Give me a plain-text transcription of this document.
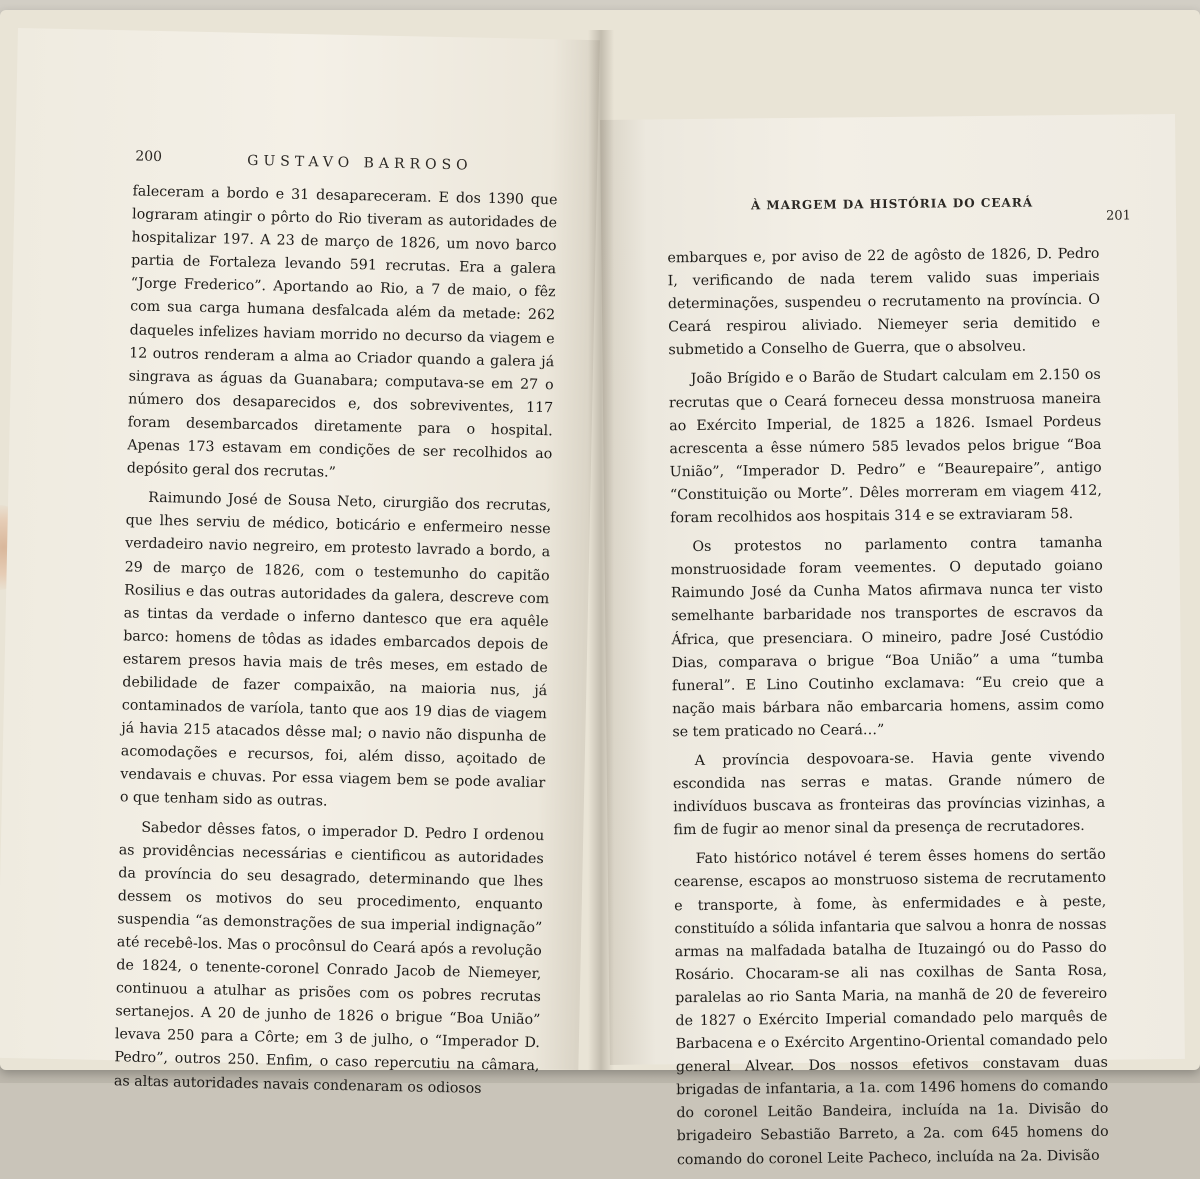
200	GUSTAVO BARROSO

faleceram a bordo e 31 desapareceram. E dos 1390 que lograram atingir o pôrto do Rio tiveram as autoridades de hospitalizar 197. A 23 de março de 1826, um novo barco partia de Fortaleza levando 591 recrutas. Era a galera “Jorge Frederico”. Aportando ao Rio, a 7 de maio, o fêz com sua carga humana desfalcada além da metade: 262 daqueles infelizes haviam morrido no decurso da viagem e 12 outros renderam a alma ao Criador quando a galera já singrava as águas da Guanabara; computava-se em 27 o número dos desaparecidos e, dos sobreviventes, 117 foram desembarcados diretamente para o hospital. Apenas 173 estavam em condições de ser recolhidos ao depósito geral dos recrutas.”

Raimundo José de Sousa Neto, cirurgião dos recrutas, que lhes serviu de médico, boticário e enfermeiro nesse verdadeiro navio negreiro, em protesto lavrado a bordo, a 29 de março de 1826, com o testemunho do capitão Rosilius e das outras autoridades da galera, descreve com as tintas da verdade o inferno dantesco que era aquêle barco: homens de tôdas as idades embarcados depois de estarem presos havia mais de três meses, em estado de debilidade de fazer compaixão, na maioria nus, já contaminados de varíola, tanto que aos 19 dias de viagem já havia 215 atacados dêsse mal; o navio não dispunha de acomodações e recursos, foi, além disso, açoitado de vendavais e chuvas. Por essa viagem bem se pode avaliar o que tenham sido as outras.

Sabedor dêsses fatos, o imperador D. Pedro I ordenou as providências necessárias e cientificou as autoridades da província do seu desagrado, determinando que lhes dessem os motivos do seu procedimento, enquanto suspendia “as demonstrações de sua imperial indignação” até recebê-los. Mas o procônsul do Ceará após a revolução de 1824, o tenente-coronel Conrado Jacob de Niemeyer, continuou a atulhar as prisões com os pobres recrutas sertanejos. A 20 de junho de 1826 o brigue “Boa União” levava 250 para a Côrte; em 3 de julho, o “Imperador D. Pedro”, outros 250. Enfim, o caso repercutiu na câmara, as altas autoridades navais condenaram os odiosos

À MARGEM DA HISTÓRIA DO CEARÁ
201

embarques e, por aviso de 22 de agôsto de 1826, D. Pedro I, verificando de nada terem valido suas imperiais determinações, suspendeu o recrutamento na província. O Ceará respirou aliviado. Niemeyer seria demitido e submetido a Conselho de Guerra, que o absolveu.

João Brígido e o Barão de Studart calculam em 2.150 os recrutas que o Ceará forneceu dessa monstruosa maneira ao Exército Imperial, de 1825 a 1826. Ismael Pordeus acrescenta a êsse número 585 levados pelos brigue “Boa União”, “Imperador D. Pedro” e “Beaurepaire”, antigo “Constituição ou Morte”. Dêles morreram em viagem 412, foram recolhidos aos hospitais 314 e se extraviaram 58.

Os protestos no parlamento contra tamanha monstruosidade foram veementes. O deputado goiano Raimundo José da Cunha Matos afirmava nunca ter visto semelhante barbaridade nos transportes de escravos da África, que presenciara. O mineiro, padre José Custódio Dias, comparava o brigue “Boa União” a uma “tumba funeral”. E Lino Coutinho exclamava: “Eu creio que a nação mais bárbara não embarcaria homens, assim como se tem praticado no Ceará…”

A província despovoara-se. Havia gente vivendo escondida nas serras e matas. Grande número de indivíduos buscava as fronteiras das províncias vizinhas, a fim de fugir ao menor sinal da presença de recrutadores.

Fato histórico notável é terem êsses homens do sertão cearense, escapos ao monstruoso sistema de recrutamento e transporte, à fome, às enfermidades e à peste, constituído a sólida infantaria que salvou a honra de nossas armas na malfadada batalha de Ituzaingó ou do Passo do Rosário. Chocaram-se ali nas coxilhas de Santa Rosa, paralelas ao rio Santa Maria, na manhã de 20 de fevereiro de 1827 o Exército Imperial comandado pelo marquês de Barbacena e o Exército Argentino-Oriental comandado pelo general Alvear. Dos nossos efetivos constavam duas brigadas de infantaria, a 1a. com 1496 homens do comando do coronel Leitão Bandeira, incluída na 1a. Divisão do brigadeiro Sebastião Barreto, a 2a. com 645 homens do comando do coronel Leite Pacheco, incluída na 2a. Divisão
